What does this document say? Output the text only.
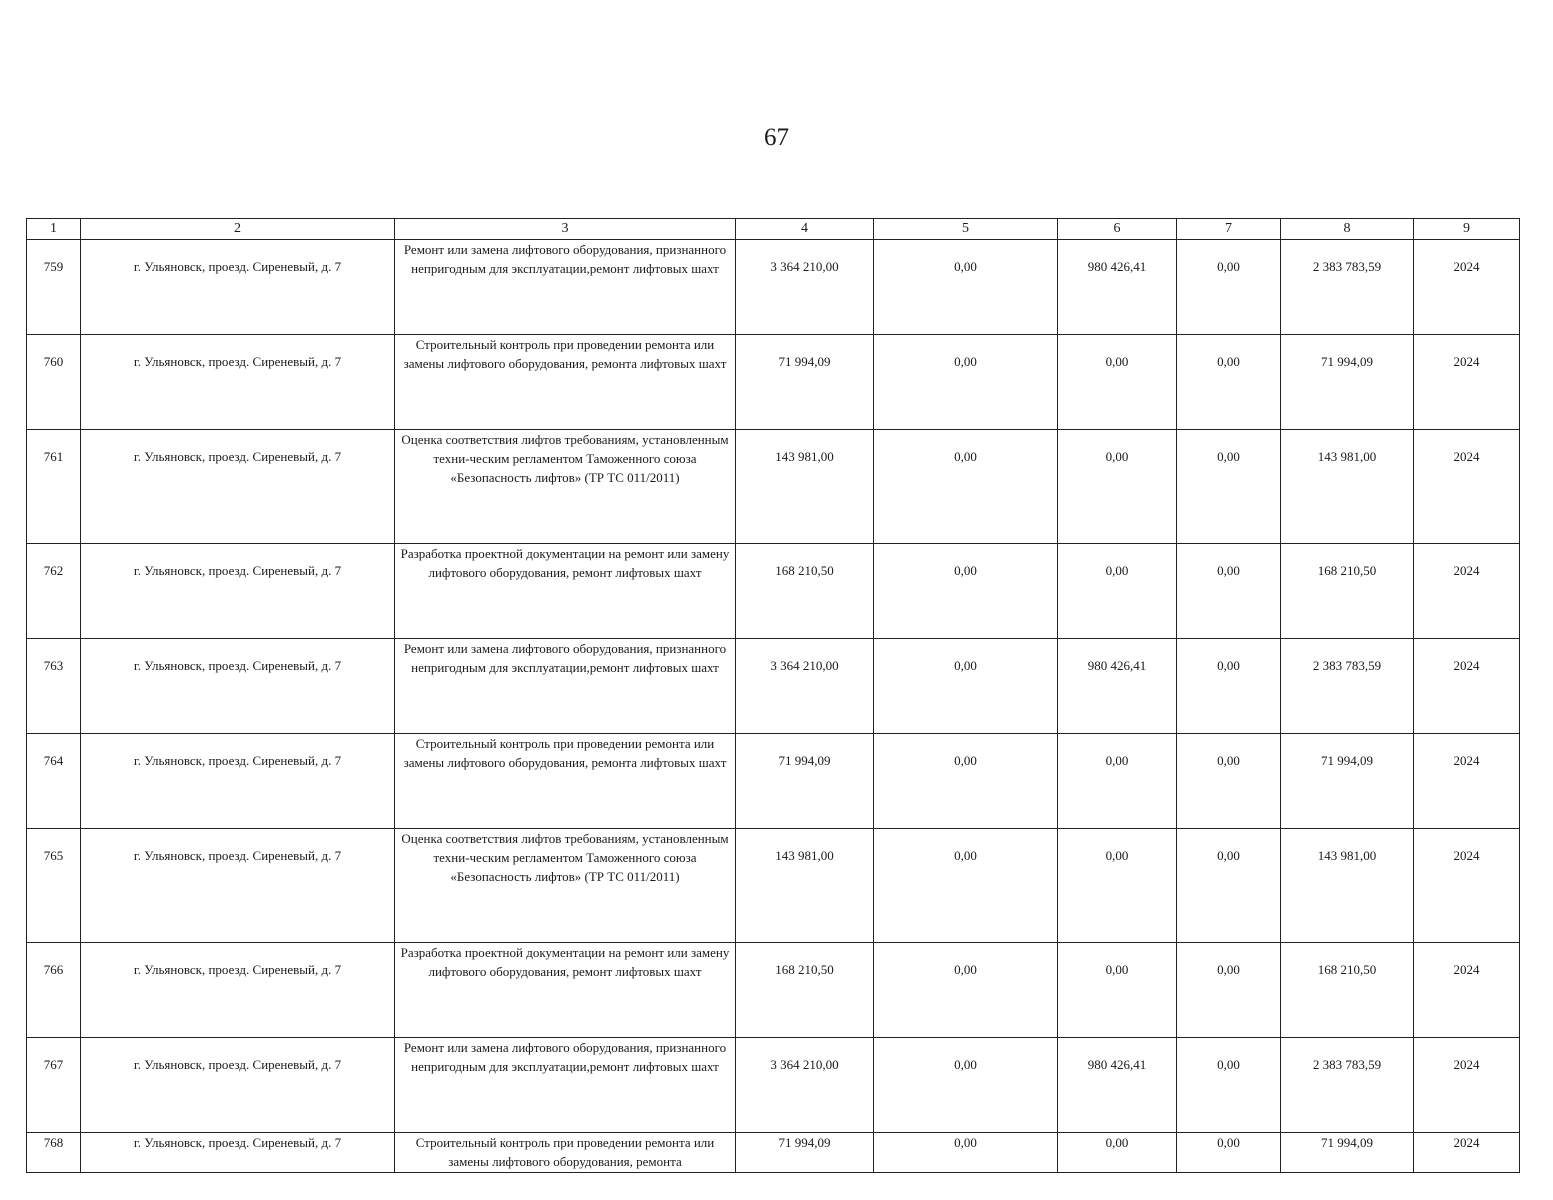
67
1	2	3	4	5	6	7	8	9
759	г. Ульяновск, проезд. Сиреневый, д. 7	Ремонт или замена лифтового оборудования, признанного непригодным для эксплуатации,ремонт лифтовых шахт	3 364 210,00	0,00	980 426,41	0,00	2 383 783,59	2024
760	г. Ульяновск, проезд. Сиреневый, д. 7	Строительный контроль при проведении ремонта или замены лифтового оборудования, ремонта лифтовых шахт	71 994,09	0,00	0,00	0,00	71 994,09	2024
761	г. Ульяновск, проезд. Сиреневый, д. 7	Оценка соответствия лифтов требованиям, установленным техни-ческим регламентом Таможенного союза «Безопасность лифтов» (ТР ТС 011/2011)	143 981,00	0,00	0,00	0,00	143 981,00	2024
762	г. Ульяновск, проезд. Сиреневый, д. 7	Разработка проектной документации на ремонт или замену лифтового оборудования, ремонт лифтовых шахт	168 210,50	0,00	0,00	0,00	168 210,50	2024
763	г. Ульяновск, проезд. Сиреневый, д. 7	Ремонт или замена лифтового оборудования, признанного непригодным для эксплуатации,ремонт лифтовых шахт	3 364 210,00	0,00	980 426,41	0,00	2 383 783,59	2024
764	г. Ульяновск, проезд. Сиреневый, д. 7	Строительный контроль при проведении ремонта или замены лифтового оборудования, ремонта лифтовых шахт	71 994,09	0,00	0,00	0,00	71 994,09	2024
765	г. Ульяновск, проезд. Сиреневый, д. 7	Оценка соответствия лифтов требованиям, установленным техни-ческим регламентом Таможенного союза «Безопасность лифтов» (ТР ТС 011/2011)	143 981,00	0,00	0,00	0,00	143 981,00	2024
766	г. Ульяновск, проезд. Сиреневый, д. 7	Разработка проектной документации на ремонт или замену лифтового оборудования, ремонт лифтовых шахт	168 210,50	0,00	0,00	0,00	168 210,50	2024
767	г. Ульяновск, проезд. Сиреневый, д. 7	Ремонт или замена лифтового оборудования, признанного непригодным для эксплуатации,ремонт лифтовых шахт	3 364 210,00	0,00	980 426,41	0,00	2 383 783,59	2024
768	г. Ульяновск, проезд. Сиреневый, д. 7	Строительный контроль при проведении ремонта или замены лифтового оборудования, ремонта	71 994,09	0,00	0,00	0,00	71 994,09	2024
